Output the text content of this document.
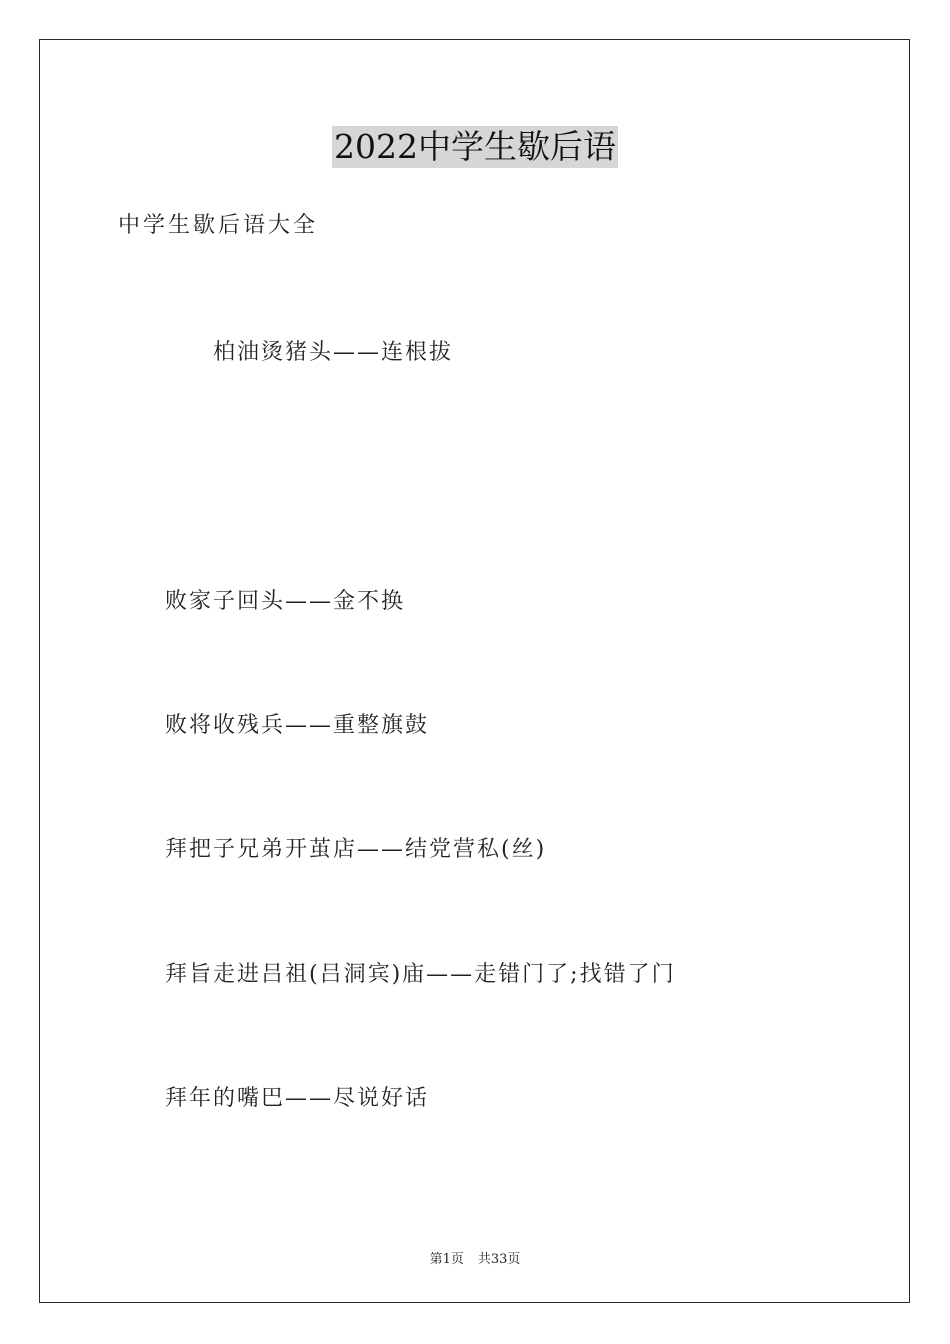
2022中学生歇后语
中学生歇后语大全
柏油烫猪头——连根拔
败家子回头——金不换
败将收残兵——重整旗鼓
拜把子兄弟开茧店——结党营私(丝)
拜旨走进吕祖(吕洞宾)庙——走错门了;找错了门
拜年的嘴巴——尽说好话
第1页 共33页
